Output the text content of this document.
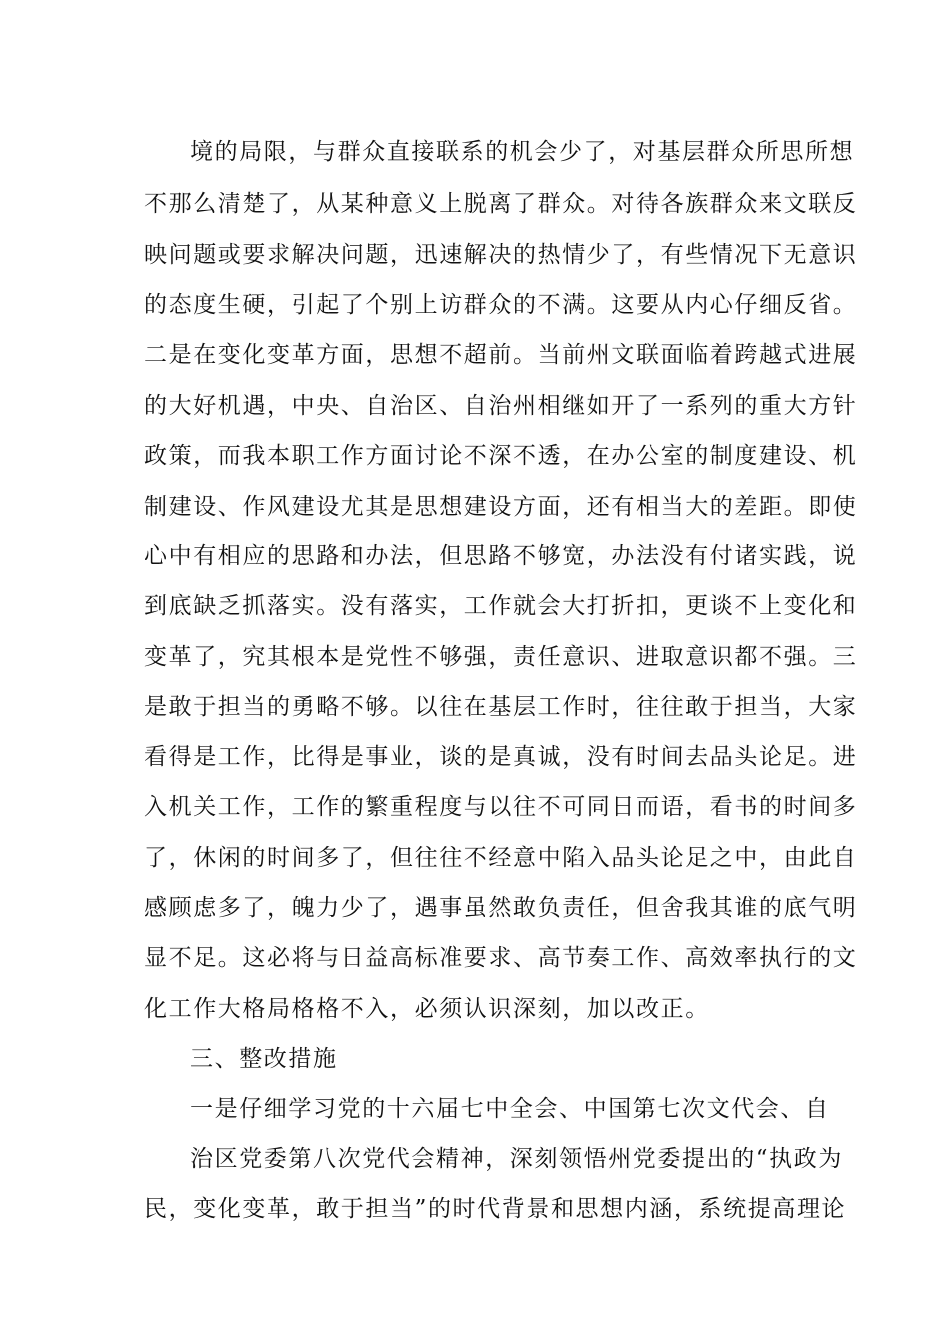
境的局限，与群众直接联系的机会少了，对基层群众所思所想
不那么清楚了，从某种意义上脱离了群众。对待各族群众来文联反
映问题或要求解决问题，迅速解决的热情少了，有些情况下无意识
的态度生硬，引起了个别上访群众的不满。这要从内心仔细反省。
二是在变化变革方面，思想不超前。当前州文联面临着跨越式进展
的大好机遇，中央、自治区、自治州相继如开了一系列的重大方针
政策，而我本职工作方面讨论不深不透，在办公室的制度建设、机
制建设、作风建设尤其是思想建设方面，还有相当大的差距。即使
心中有相应的思路和办法，但思路不够宽，办法没有付诸实践，说
到底缺乏抓落实。没有落实，工作就会大打折扣，更谈不上变化和
变革了，究其根本是党性不够强，责任意识、进取意识都不强。三
是敢于担当的勇略不够。以往在基层工作时，往往敢于担当，大家
看得是工作，比得是事业，谈的是真诚，没有时间去品头论足。进
入机关工作，工作的繁重程度与以往不可同日而语，看书的时间多
了，休闲的时间多了，但往往不经意中陷入品头论足之中，由此自
感顾虑多了，魄力少了，遇事虽然敢负责任，但舍我其谁的底气明
显不足。这必将与日益高标准要求、高节奏工作、高效率执行的文
化工作大格局格格不入，必须认识深刻，加以改正。
三、整改措施
一是仔细学习党的十六届七中全会、中国第七次文代会、自
治区党委第八次党代会精神，深刻领悟州党委提出的“执政为
民，变化变革，敢于担当”的时代背景和思想内涵，系统提高理论
